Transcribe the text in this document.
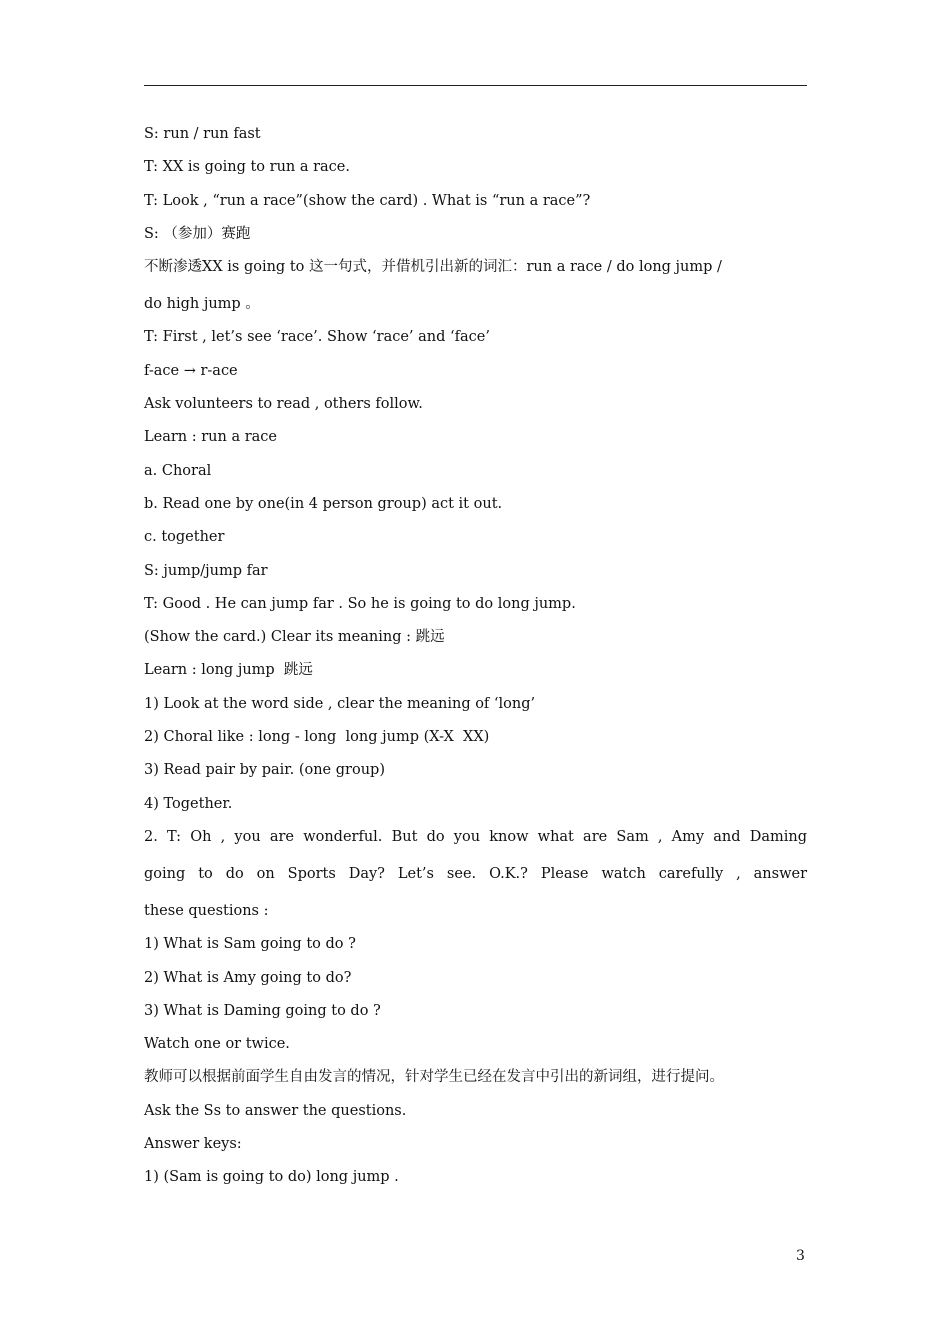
S: run / run fast
T: XX is going to run a race.
T: Look , “run a race”(show the card) . What is “run a race”?
S: （参加）赛跑
不断渗透XX is going to 这一句式，并借机引出新的词汇：run a race / do long jump /
do high jump 。
T: First , let’s see ‘race’. Show ‘race’ and ‘face’
f-ace → r-ace
Ask volunteers to read , others follow.
Learn : run a race
a. Choral
b. Read one by one(in 4 person group) act it out.
c. together
S: jump/jump far
T: Good . He can jump far . So he is going to do long jump.
(Show the card.) Clear its meaning : 跳远
Learn : long jump  跳远
1) Look at the word side , clear the meaning of ‘long’
2) Choral like : long - long  long jump (X-X  XX)
3) Read pair by pair. (one group)
4) Together.
2. T: Oh , you are wonderful. But do you know what are Sam , Amy and Daming
going to do on Sports Day? Let’s see. O.K.? Please watch carefully , answer
these questions :
1) What is Sam going to do ?
2) What is Amy going to do?
3) What is Daming going to do ?
Watch one or twice.
教师可以根据前面学生自由发言的情况，针对学生已经在发言中引出的新词组，进行提问。
Ask the Ss to answer the questions.
Answer keys:
1) (Sam is going to do) long jump .
3
